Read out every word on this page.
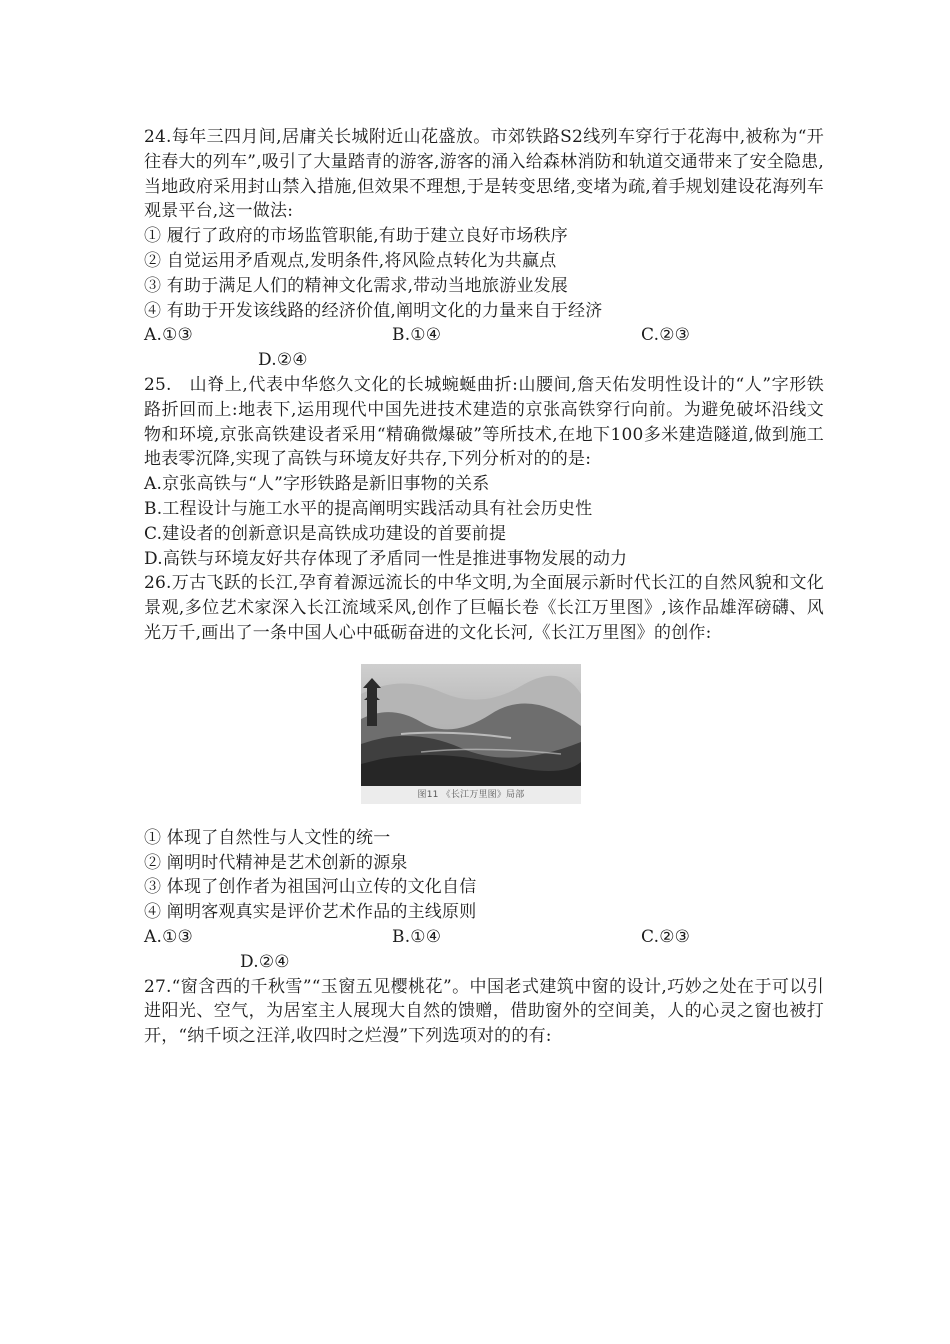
24.每年三四月间,居庸关长城附近山花盛放。市郊铁路S2线列车穿行于花海中,被称为“开往春大的列车”,吸引了大量踏青的游客,游客的涌入给森林消防和轨道交通带来了安全隐患,当地政府采用封山禁入措施,但效果不理想,于是转变思绪,变堵为疏,着手规划建设花海列车观景平台,这一做法:

① 履行了政府的市场监管职能,有助于建立良好市场秩序

② 自觉运用矛盾观点,发明条件,将风险点转化为共赢点

③ 有助于满足人们的精神文化需求,带动当地旅游业发展

④ 有助于开发该线路的经济价值,阐明文化的力量来自于经济

A.①③	B.①④	C.②③

D.②④

25.　山脊上,代表中华悠久文化的长城蜿蜒曲折:山腰间,詹天佑发明性设计的“人”字形铁路折回而上:地表下,运用现代中国先进技术建造的京张高铁穿行向前。为避免破坏沿线文物和环境,京张高铁建设者采用“精确微爆破”等所技术,在地下100多米建造隧道,做到施工地表零沉降,实现了高铁与环境友好共存,下列分析对的的是:

A.京张高铁与“人”字形铁路是新旧事物的关系

B.工程设计与施工水平的提高阐明实践活动具有社会历史性

C.建设者的创新意识是高铁成功建设的首要前提

D.高铁与环境友好共存体现了矛盾同一性是推进事物发展的动力

26.万古飞跃的长江,孕育着源远流长的中华文明,为全面展示新时代长江的自然风貌和文化景观,多位艺术家深入长江流域采风,创作了巨幅长卷《长江万里图》,该作品雄浑磅礴、风光万千,画出了一条中国人心中砥砺奋进的文化长河,《长江万里图》的创作:

图11 《长江万里图》局部

① 体现了自然性与人文性的统一

② 阐明时代精神是艺术创新的源泉

③ 体现了创作者为祖国河山立传的文化自信

④ 阐明客观真实是评价艺术作品的主线原则

A.①③	B.①④	C.②③

D.②④

27.“窗含西的千秋雪”“玉窗五见樱桃花”。中国老式建筑中窗的设计,巧妙之处在于可以引进阳光、空气，为居室主人展现大自然的馈赠，借助窗外的空间美，人的心灵之窗也被打开，“纳千顷之汪洋,收四时之烂漫”下列选项对的的有:
